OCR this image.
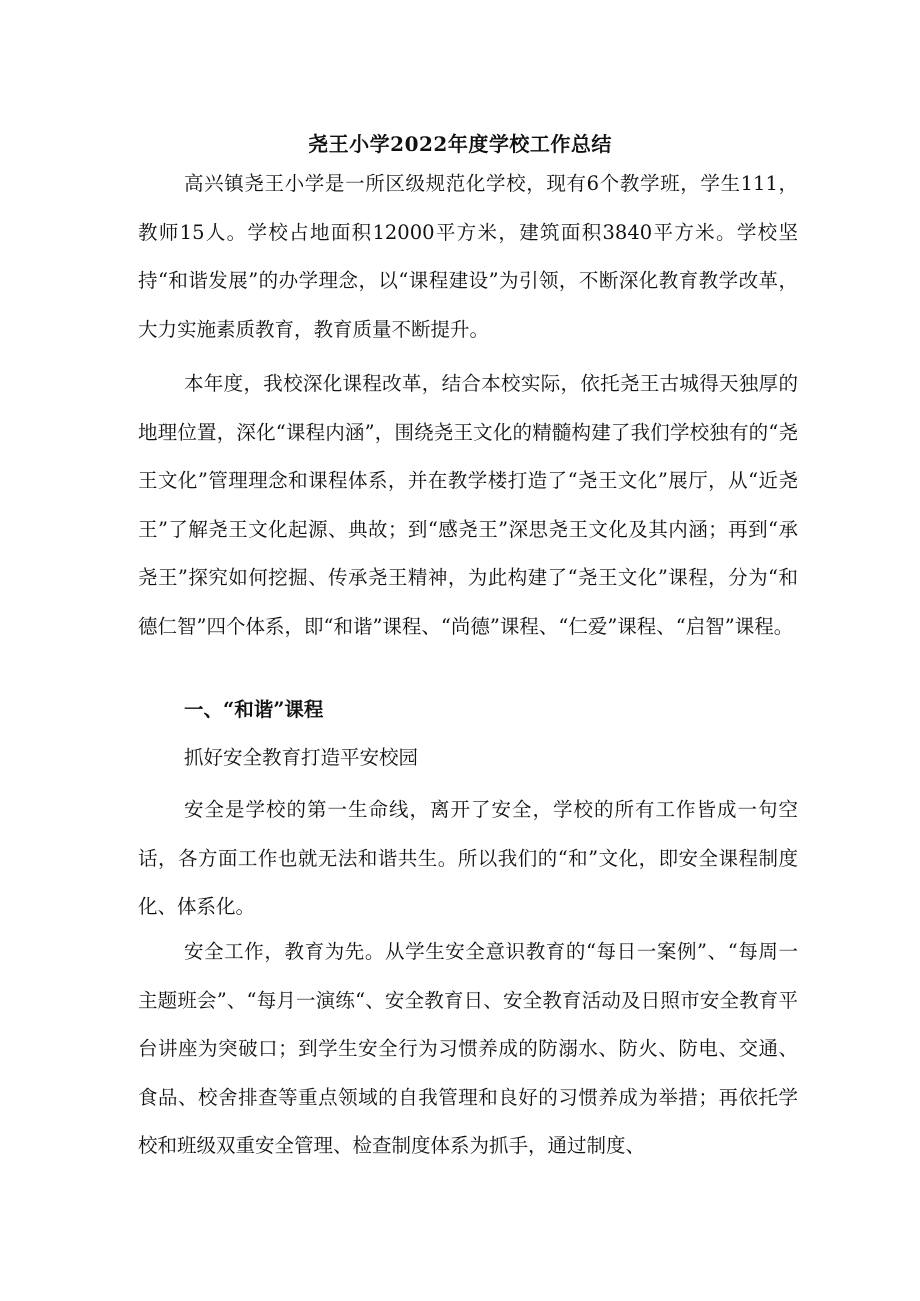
尧王小学2022年度学校工作总结

高兴镇尧王小学是一所区级规范化学校，现有6个教学班，学生111，教师15人。学校占地面积12000平方米，建筑面积3840平方米。学校坚持“和谐发展”的办学理念，以“课程建设”为引领，不断深化教育教学改革，大力实施素质教育，教育质量不断提升。

本年度，我校深化课程改革，结合本校实际，依托尧王古城得天独厚的地理位置，深化“课程内涵”，围绕尧王文化的精髓构建了我们学校独有的“尧王文化”管理理念和课程体系，并在教学楼打造了“尧王文化”展厅，从“近尧王”了解尧王文化起源、典故；到“感尧王”深思尧王文化及其内涵；再到“承尧王”探究如何挖掘、传承尧王精神，为此构建了“尧王文化”课程，分为“和德仁智”四个体系，即“和谐”课程、“尚德”课程、“仁爱”课程、“启智”课程。

一、“和谐”课程

抓好安全教育打造平安校园

安全是学校的第一生命线，离开了安全，学校的所有工作皆成一句空话，各方面工作也就无法和谐共生。所以我们的“和”文化，即安全课程制度化、体系化。

安全工作，教育为先。从学生安全意识教育的“每日一案例”、“每周一主题班会”、“每月一演练“、安全教育日、安全教育活动及日照市安全教育平台讲座为突破口；到学生安全行为习惯养成的防溺水、防火、防电、交通、食品、校舍排查等重点领域的自我管理和良好的习惯养成为举措；再依托学校和班级双重安全管理、检查制度体系为抓手，通过制度、
